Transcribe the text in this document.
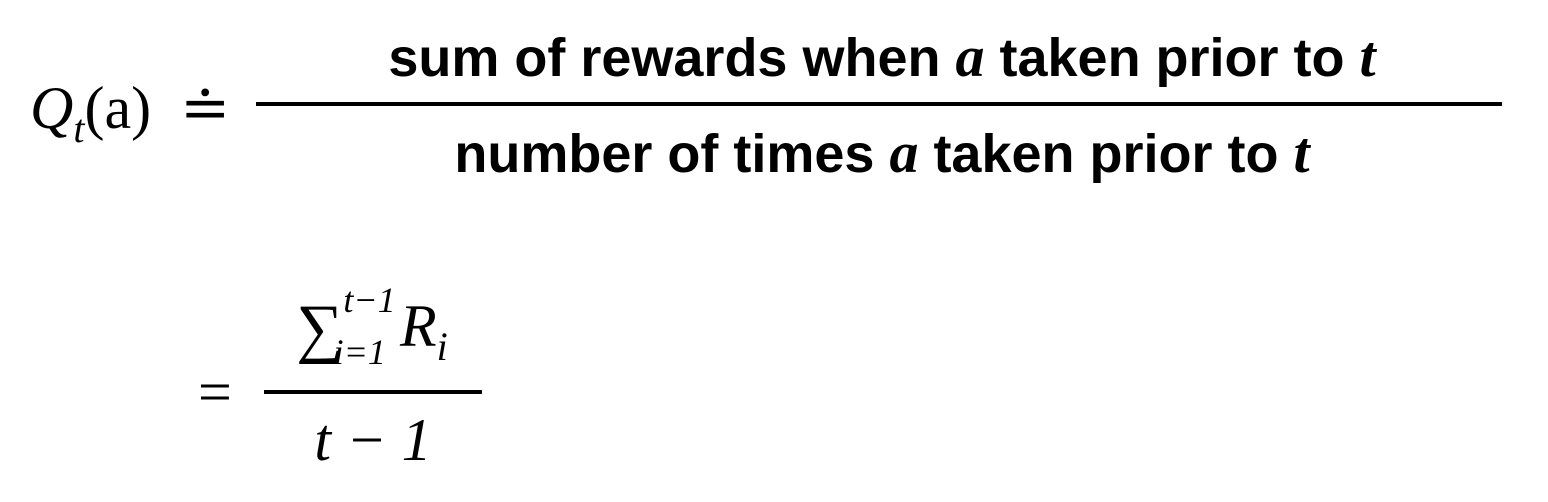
$Q_t(a)$ ≐
sum of rewards when a taken prior to t
number of times a taken prior to t
=
∑$^{t-1}_{i=1}$ $R_i$
t − 1
